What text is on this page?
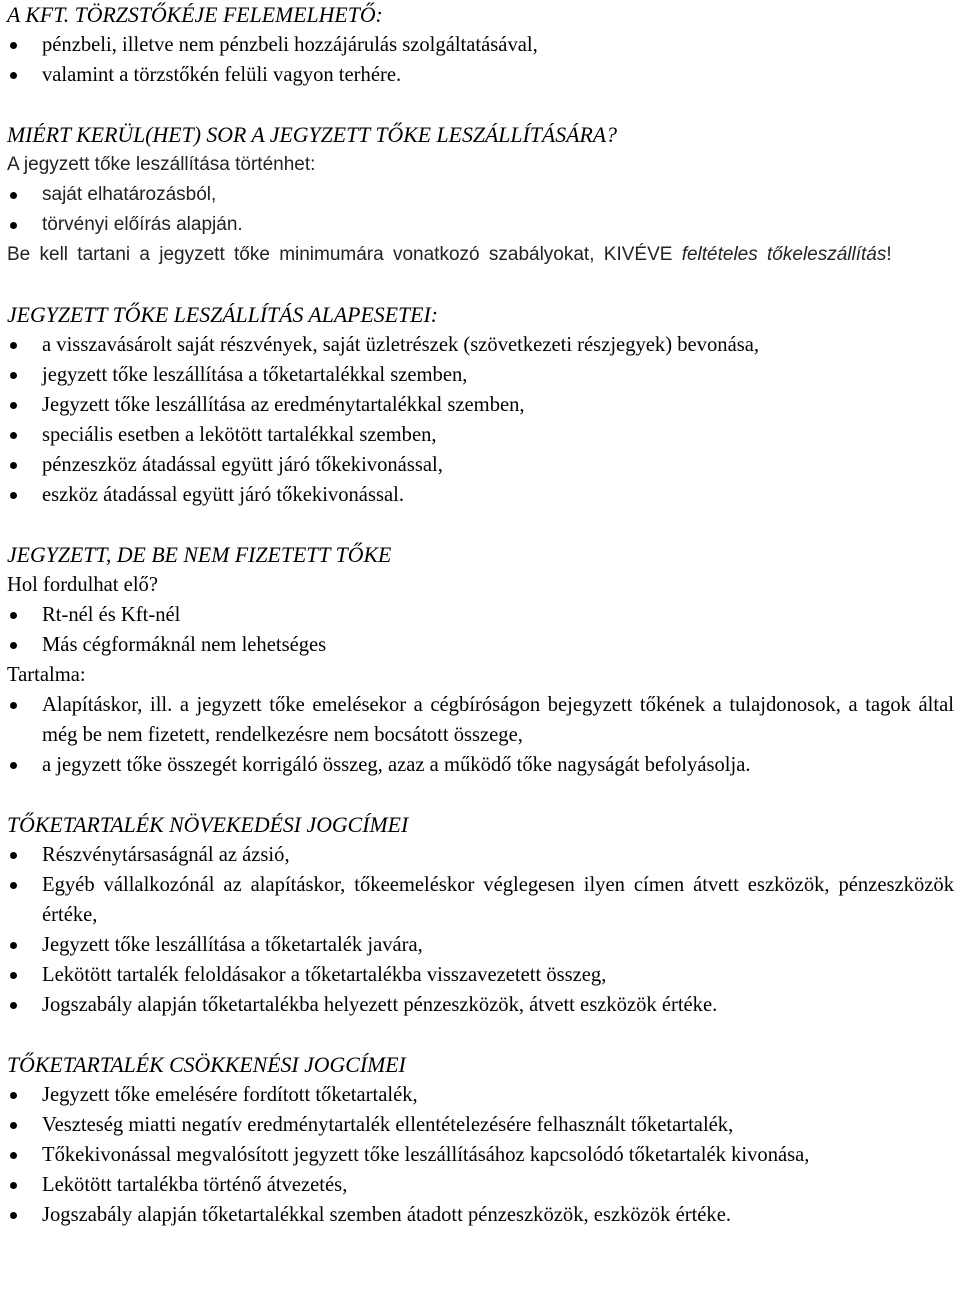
A KFT. TÖRZSTŐKÉJE FELEMELHETŐ:

pénzbeli, illetve nem pénzbeli hozzájárulás szolgáltatásával,
valamint a törzstőkén felüli vagyon terhére.

MIÉRT KERÜL(HET) SOR A JEGYZETT TŐKE LESZÁLLÍTÁSÁRA?

A jegyzett tőke leszállítása történhet:

saját elhatározásból,
törvényi előírás alapján.

Be kell tartani a jegyzett tőke minimumára vonatkozó szabályokat, KIVÉVE feltételes tőkeleszállítás!

JEGYZETT TŐKE LESZÁLLÍTÁS ALAPESETEI:

a visszavásárolt saját részvények, saját üzletrészek (szövetkezeti részjegyek) bevonása,
jegyzett tőke leszállítása a tőketartalékkal szemben,
Jegyzett tőke leszállítása az eredménytartalékkal szemben,
speciális esetben a lekötött tartalékkal szemben,
pénzeszköz átadással együtt járó tőkekivonással,
eszköz átadással együtt járó tőkekivonással.

JEGYZETT, DE BE NEM FIZETETT TŐKE

Hol fordulhat elő?

Rt-nél és Kft-nél
Más cégformáknál nem lehetséges

Tartalma:

Alapításkor, ill. a jegyzett tőke emelésekor a cégbíróságon bejegyzett tőkének a tulajdonosok, a tagok által még be nem fizetett, rendelkezésre nem bocsátott összege,
a jegyzett tőke összegét korrigáló összeg, azaz a működő tőke nagyságát befolyásolja.

TŐKETARTALÉK NÖVEKEDÉSI JOGCÍMEI

Részvénytársaságnál az ázsió,
Egyéb vállalkozónál az alapításkor, tőkeemeléskor véglegesen ilyen címen átvett eszközök, pénzeszközök értéke,
Jegyzett tőke leszállítása a tőketartalék javára,
Lekötött tartalék feloldásakor a tőketartalékba visszavezetett összeg,
Jogszabály alapján tőketartalékba helyezett pénzeszközök, átvett eszközök értéke.

TŐKETARTALÉK CSÖKKENÉSI JOGCÍMEI

Jegyzett tőke emelésére fordított tőketartalék,
Veszteség miatti negatív eredménytartalék ellentételezésére felhasznált tőketartalék,
Tőkekivonással megvalósított jegyzett tőke leszállításához kapcsolódó tőketartalék kivonása,
Lekötött tartalékba történő átvezetés,
Jogszabály alapján tőketartalékkal szemben átadott pénzeszközök, eszközök értéke.
